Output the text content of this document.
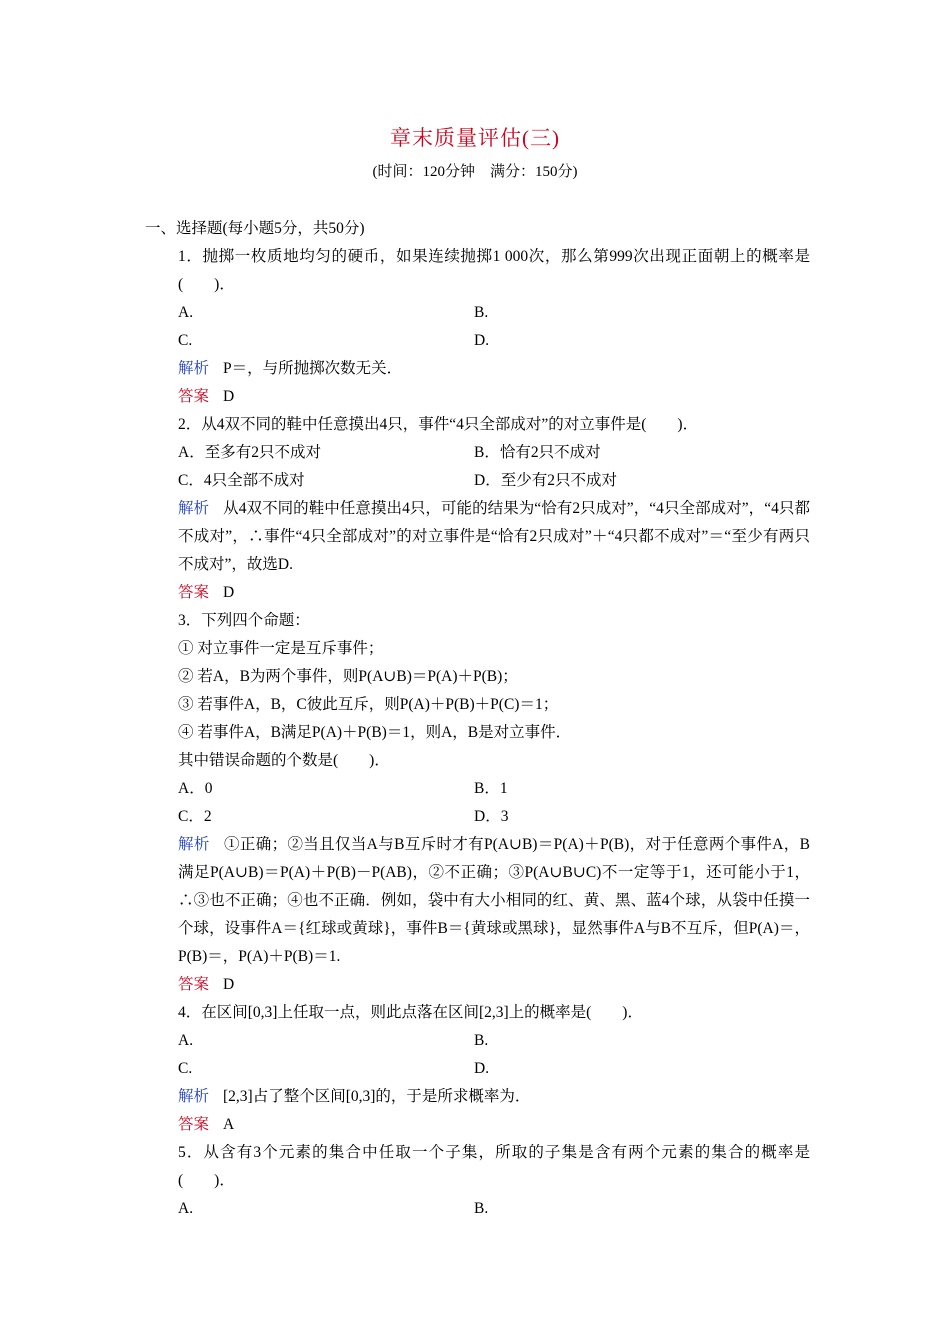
章末质量评估(三)
(时间：120分钟　满分：150分)
一、选择题(每小题5分，共50分)
1．抛掷一枚质地均匀的硬币，如果连续抛掷1 000次，那么第999次出现正面朝上的概率是(　　)．
A.	B.
C.	D.
解析 P＝，与所抛掷次数无关．
答案 D
2．从4双不同的鞋中任意摸出4只，事件“4只全部成对”的对立事件是(　　)．
A．至多有2只不成对	B．恰有2只不成对
C．4只全部不成对	D．至少有2只不成对
解析 从4双不同的鞋中任意摸出4只，可能的结果为“恰有2只成对”，“4只全部成对”，“4只都不成对”，∴事件“4只全部成对”的对立事件是“恰有2只成对”＋“4只都不成对”＝“至少有两只不成对”，故选D.
答案 D
3．下列四个命题：
① 对立事件一定是互斥事件；
② 若A，B为两个事件，则P(A∪B)＝P(A)＋P(B)；
③ 若事件A，B，C彼此互斥，则P(A)＋P(B)＋P(C)＝1；
④ 若事件A，B满足P(A)＋P(B)＝1，则A，B是对立事件．
其中错误命题的个数是(　　)．
A．0	B．1
C．2	D．3
解析 ①正确；②当且仅当A与B互斥时才有P(A∪B)＝P(A)＋P(B)，对于任意两个事件A，B满足P(A∪B)＝P(A)＋P(B)－P(AB)，②不正确；③P(A∪B∪C)不一定等于1，还可能小于1，∴③也不正确；④也不正确．例如，袋中有大小相同的红、黄、黑、蓝4个球，从袋中任摸一个球，设事件A＝{红球或黄球}，事件B＝{黄球或黑球}，显然事件A与B不互斥，但P(A)＝，P(B)＝，P(A)＋P(B)＝1.
答案 D
4．在区间[0,3]上任取一点，则此点落在区间[2,3]上的概率是(　　)．
A.	B.
C.	D.
解析 [2,3]占了整个区间[0,3]的，于是所求概率为．
答案 A
5．从含有3个元素的集合中任取一个子集，所取的子集是含有两个元素的集合的概率是(　　)．
A.	B.
